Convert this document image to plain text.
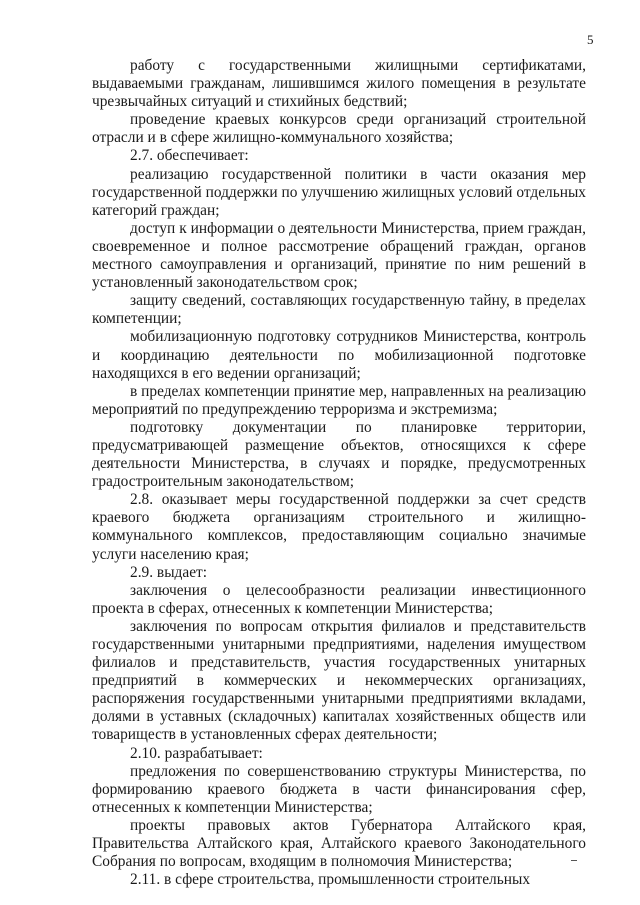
5

работу с государственными жилищными сертификатами, выдаваемыми гражданам, лишившимся жилого помещения в результате чрезвычайных ситуаций и стихийных бедствий;

проведение краевых конкурсов среди организаций строительной отрасли и в сфере жилищно-коммунального хозяйства;

2.7. обеспечивает:

реализацию государственной политики в части оказания мер государственной поддержки по улучшению жилищных условий отдельных категорий граждан;

доступ к информации о деятельности Министерства, прием граждан, своевременное и полное рассмотрение обращений граждан, органов местного самоуправления и организаций, принятие по ним решений в установленный законодательством срок;

защиту сведений, составляющих государственную тайну, в пределах компетенции;

мобилизационную подготовку сотрудников Министерства, контроль и координацию деятельности по мобилизационной подготовке находящихся в его ведении организаций;

в пределах компетенции принятие мер, направленных на реализацию мероприятий по предупреждению терроризма и экстремизма;

подготовку документации по планировке территории, предусматривающей размещение объектов, относящихся к сфере деятельности Министерства, в случаях и порядке, предусмотренных градостроительным законодательством;

2.8. оказывает меры государственной поддержки за счет средств краевого бюджета организациям строительного и жилищно-коммунального комплексов, предоставляющим социально значимые услуги населению края;

2.9. выдает:

заключения о целесообразности реализации инвестиционного проекта в сферах, отнесенных к компетенции Министерства;

заключения по вопросам открытия филиалов и представительств государственными унитарными предприятиями, наделения имуществом филиалов и представительств, участия государственных унитарных предприятий в коммерческих и некоммерческих организациях, распоряжения государственными унитарными предприятиями вкладами, долями в уставных (складочных) капиталах хозяйственных обществ или товариществ в установленных сферах деятельности;

2.10. разрабатывает:

предложения по совершенствованию структуры Министерства, по формированию краевого бюджета в части финансирования сфер, отнесенных к компетенции Министерства;

проекты правовых актов Губернатора Алтайского края, Правительства Алтайского края, Алтайского краевого Законодательного Собрания по вопросам, входящим в полномочия Министерства;

2.11. в сфере строительства, промышленности строительных
